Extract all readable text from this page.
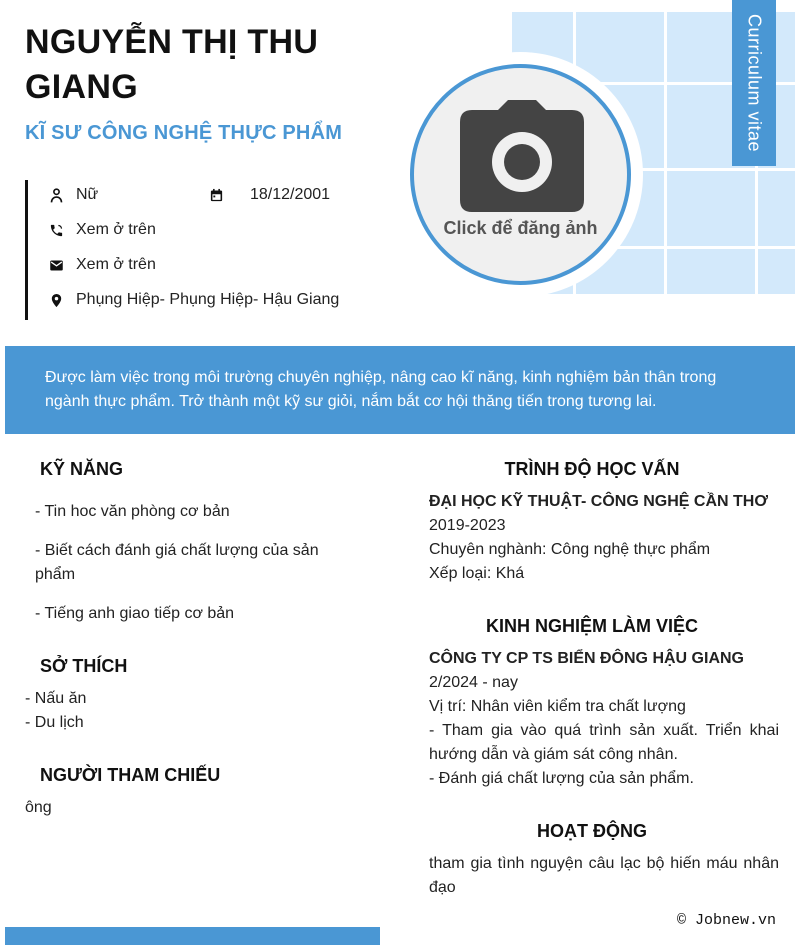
NGUYỄN THỊ THU GIANG
KĨ SƯ CÔNG NGHỆ THỰC PHẨM
Nữ	18/12/2001
Xem ở trên
Xem ở trên
Phụng Hiệp- Phụng Hiệp- Hậu Giang
Curriculum vitae
Click để đăng ảnh
Được làm việc trong môi trường chuyên nghiệp, nâng cao kĩ năng, kinh nghiệm bản thân trong ngành thực phẩm. Trở thành một kỹ sư giỏi, nắm bắt cơ hội thăng tiến trong tương lai.
KỸ NĂNG
- Tin hoc văn phòng cơ bản
- Biết cách đánh giá chất lượng của sản phẩm
- Tiếng anh giao tiếp cơ bản
SỞ THÍCH
- Nấu ăn
- Du lịch
NGƯỜI THAM CHIẾU
ông
TRÌNH ĐỘ HỌC VẤN
ĐẠI HỌC KỸ THUẬT- CÔNG NGHỆ CẦN THƠ
2019-2023
Chuyên nghành: Công nghệ thực phẩm
Xếp loại: Khá
KINH NGHIỆM LÀM VIỆC
CÔNG TY CP TS BIỂN ĐÔNG HẬU GIANG
2/2024 - nay
Vị trí: Nhân viên kiểm tra chất lượng
- Tham gia vào quá trình sản xuất. Triển khai hướng dẫn và giám sát công nhân.
- Đánh giá chất lượng của sản phẩm.
HOẠT ĐỘNG
tham gia tình nguyện câu lạc bộ hiến máu nhân đạo
© Jobnew.vn
